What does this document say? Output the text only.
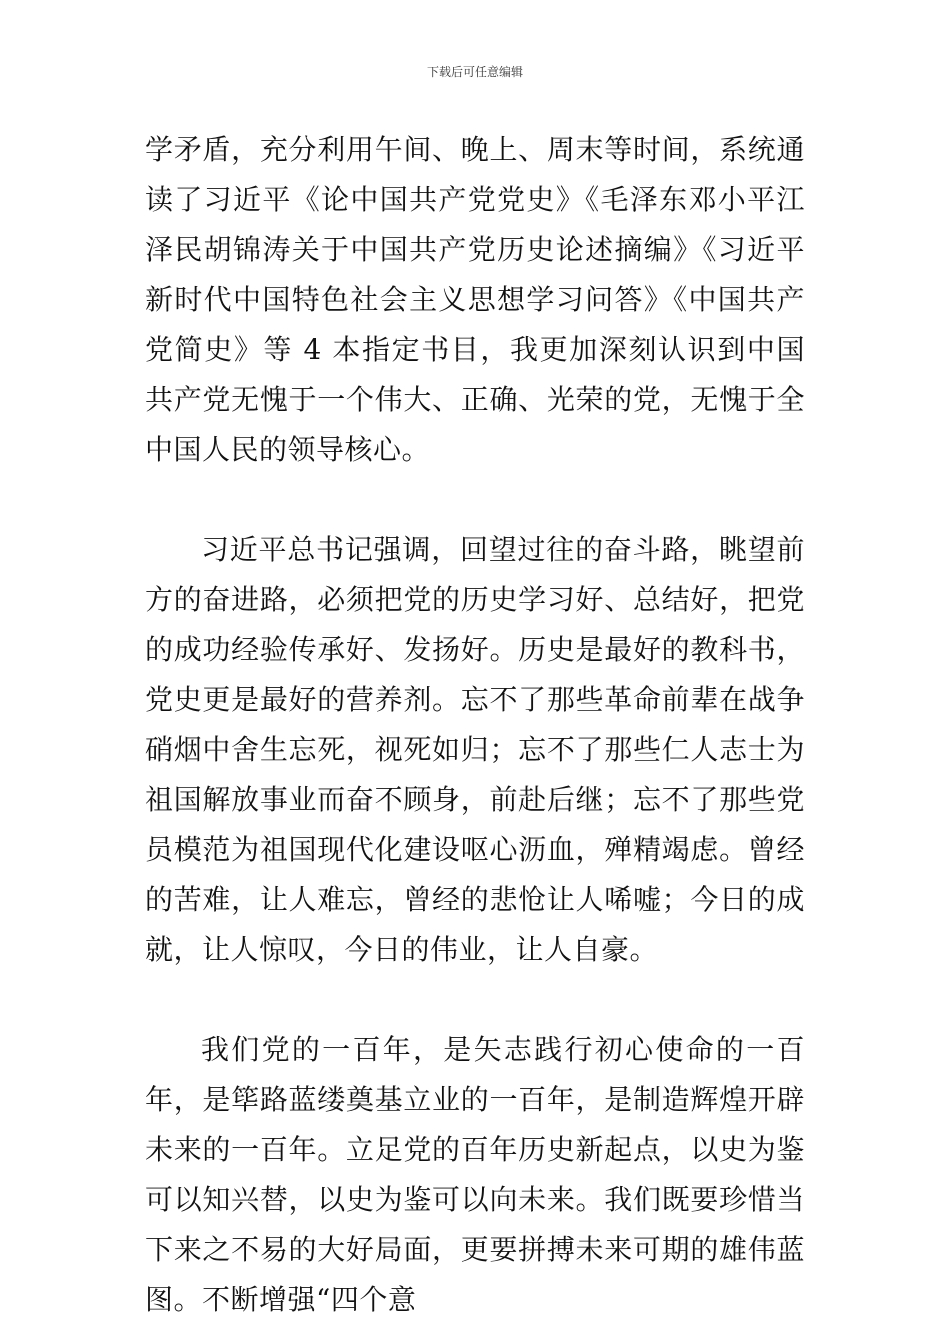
下载后可任意编辑

学矛盾，充分利用午间、晚上、周末等时间，系统通读了习近平《论中国共产党党史》《毛泽东邓小平江泽民胡锦涛关于中国共产党历史论述摘编》《习近平新时代中国特色社会主义思想学习问答》《中国共产党简史》等 4 本指定书目，我更加深刻认识到中国共产党无愧于一个伟大、正确、光荣的党，无愧于全中国人民的领导核心。

习近平总书记强调，回望过往的奋斗路，眺望前方的奋进路，必须把党的历史学习好、总结好，把党的成功经验传承好、发扬好。历史是最好的教科书，党史更是最好的营养剂。忘不了那些革命前辈在战争硝烟中舍生忘死，视死如归；忘不了那些仁人志士为祖国解放事业而奋不顾身，前赴后继；忘不了那些党员模范为祖国现代化建设呕心沥血，殚精竭虑。曾经的苦难，让人难忘，曾经的悲怆让人唏嘘；今日的成就，让人惊叹，今日的伟业，让人自豪。

我们党的一百年，是矢志践行初心使命的一百年，是筚路蓝缕奠基立业的一百年，是制造辉煌开辟未来的一百年。立足党的百年历史新起点，以史为鉴可以知兴替，以史为鉴可以向未来。我们既要珍惜当下来之不易的大好局面，更要拼搏未来可期的雄伟蓝图。不断增强“四个意
